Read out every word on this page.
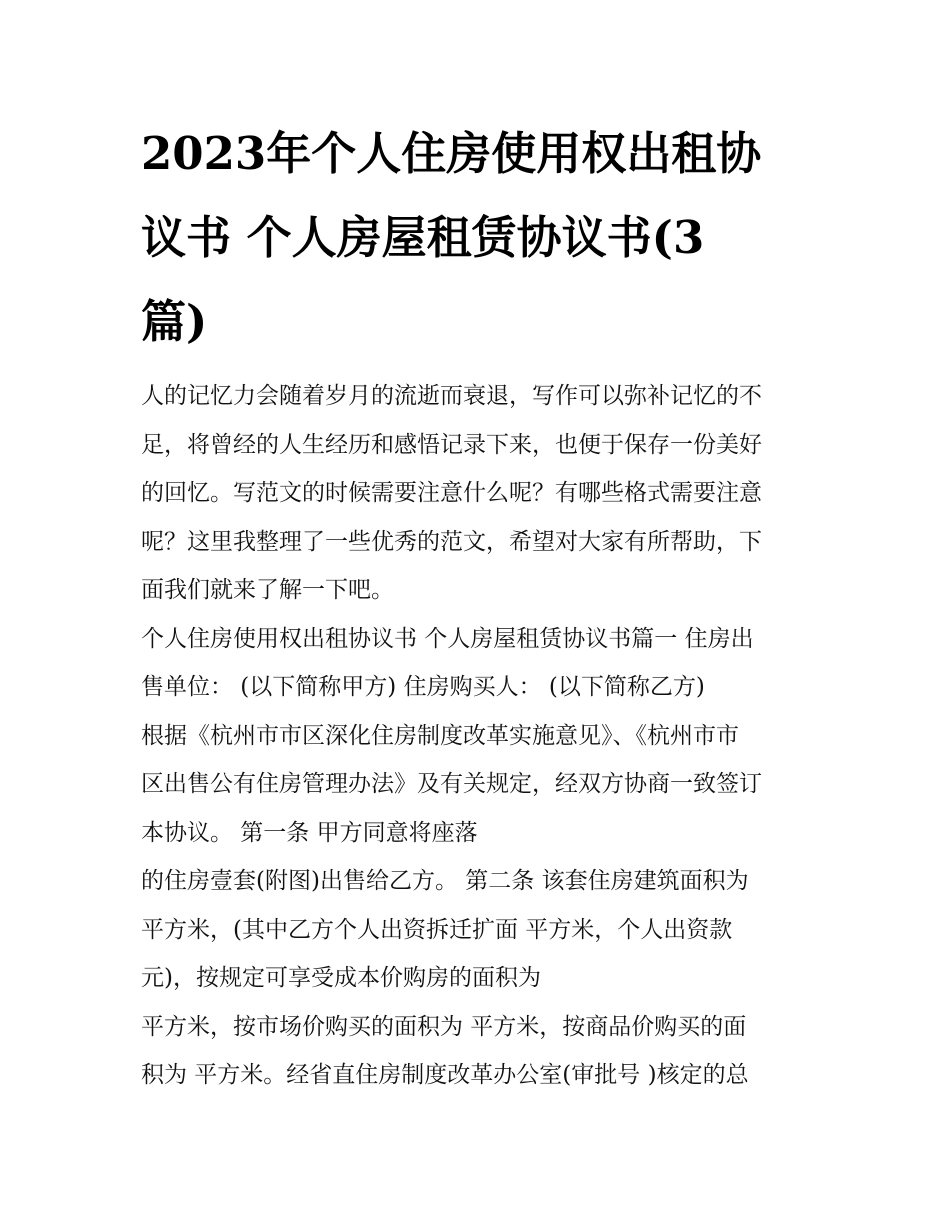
2023年个人住房使用权出租协
议书 个人房屋租赁协议书(3
篇)

人的记忆力会随着岁月的流逝而衰退，写作可以弥补记忆的不
足，将曾经的人生经历和感悟记录下来，也便于保存一份美好
的回忆。写范文的时候需要注意什么呢？有哪些格式需要注意
呢？这里我整理了一些优秀的范文，希望对大家有所帮助，下
面我们就来了解一下吧。

个人住房使用权出租协议书 个人房屋租赁协议书篇一 住房出
售单位： (以下简称甲方) 住房购买人： (以下简称乙方)

根据《杭州市市区深化住房制度改革实施意见》、《杭州市市
区出售公有住房管理办法》及有关规定，经双方协商一致签订
本协议。 第一条 甲方同意将座落

的住房壹套(附图)出售给乙方。 第二条 该套住房建筑面积为
平方米，(其中乙方个人出资拆迁扩面 平方米，个人出资款
元)，按规定可享受成本价购房的面积为

平方米，按市场价购买的面积为 平方米，按商品价购买的面
积为 平方米。经省直住房制度改革办公室(审批号 )核定的总
